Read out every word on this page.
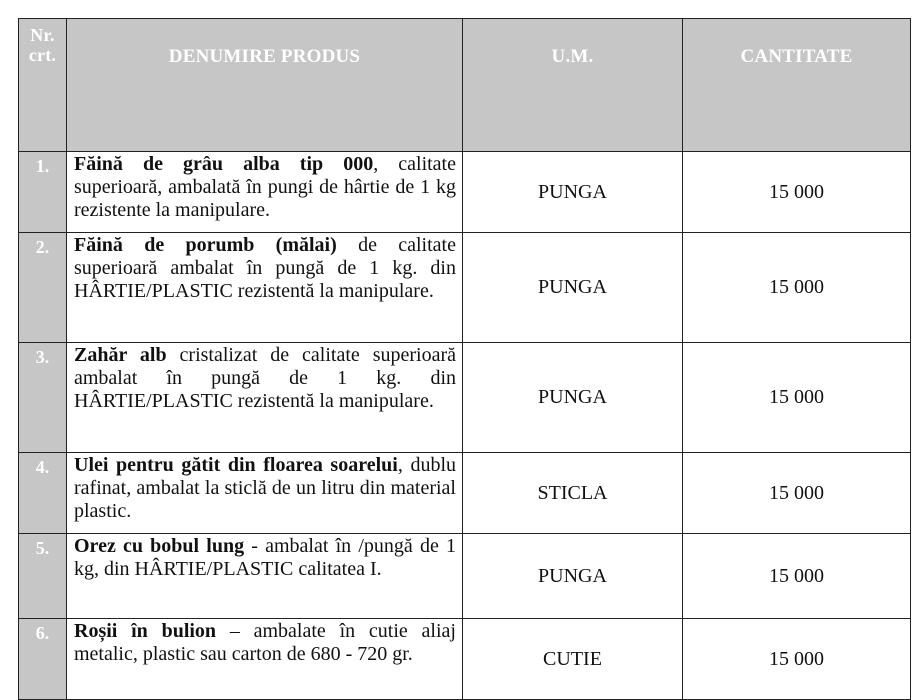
Nr. crt.	DENUMIRE PRODUS	U.M.	CANTITATE
1.	Făină de grâu alba tip 000, calitate superioară, ambalată în pungi de hârtie de 1 kg rezistente la manipulare.	PUNGA	15 000
2.	Făină de porumb (mălai) de calitate superioară ambalat în pungă de 1 kg. din HÂRTIE/PLASTIC rezistentă la manipulare.	PUNGA	15 000
3.	Zahăr alb cristalizat de calitate superioară ambalat în pungă de 1 kg. din HÂRTIE/PLASTIC rezistentă la manipulare.	PUNGA	15 000
4.	Ulei pentru gătit din floarea soarelui, dublu rafinat, ambalat la sticlă de un litru din material plastic.	STICLA	15 000
5.	Orez cu bobul lung - ambalat în /pungă de 1 kg, din HÂRTIE/PLASTIC calitatea I.	PUNGA	15 000
6.	Roșii în bulion – ambalate în cutie aliaj metalic, plastic sau carton de 680 - 720 gr.	CUTIE	15 000
